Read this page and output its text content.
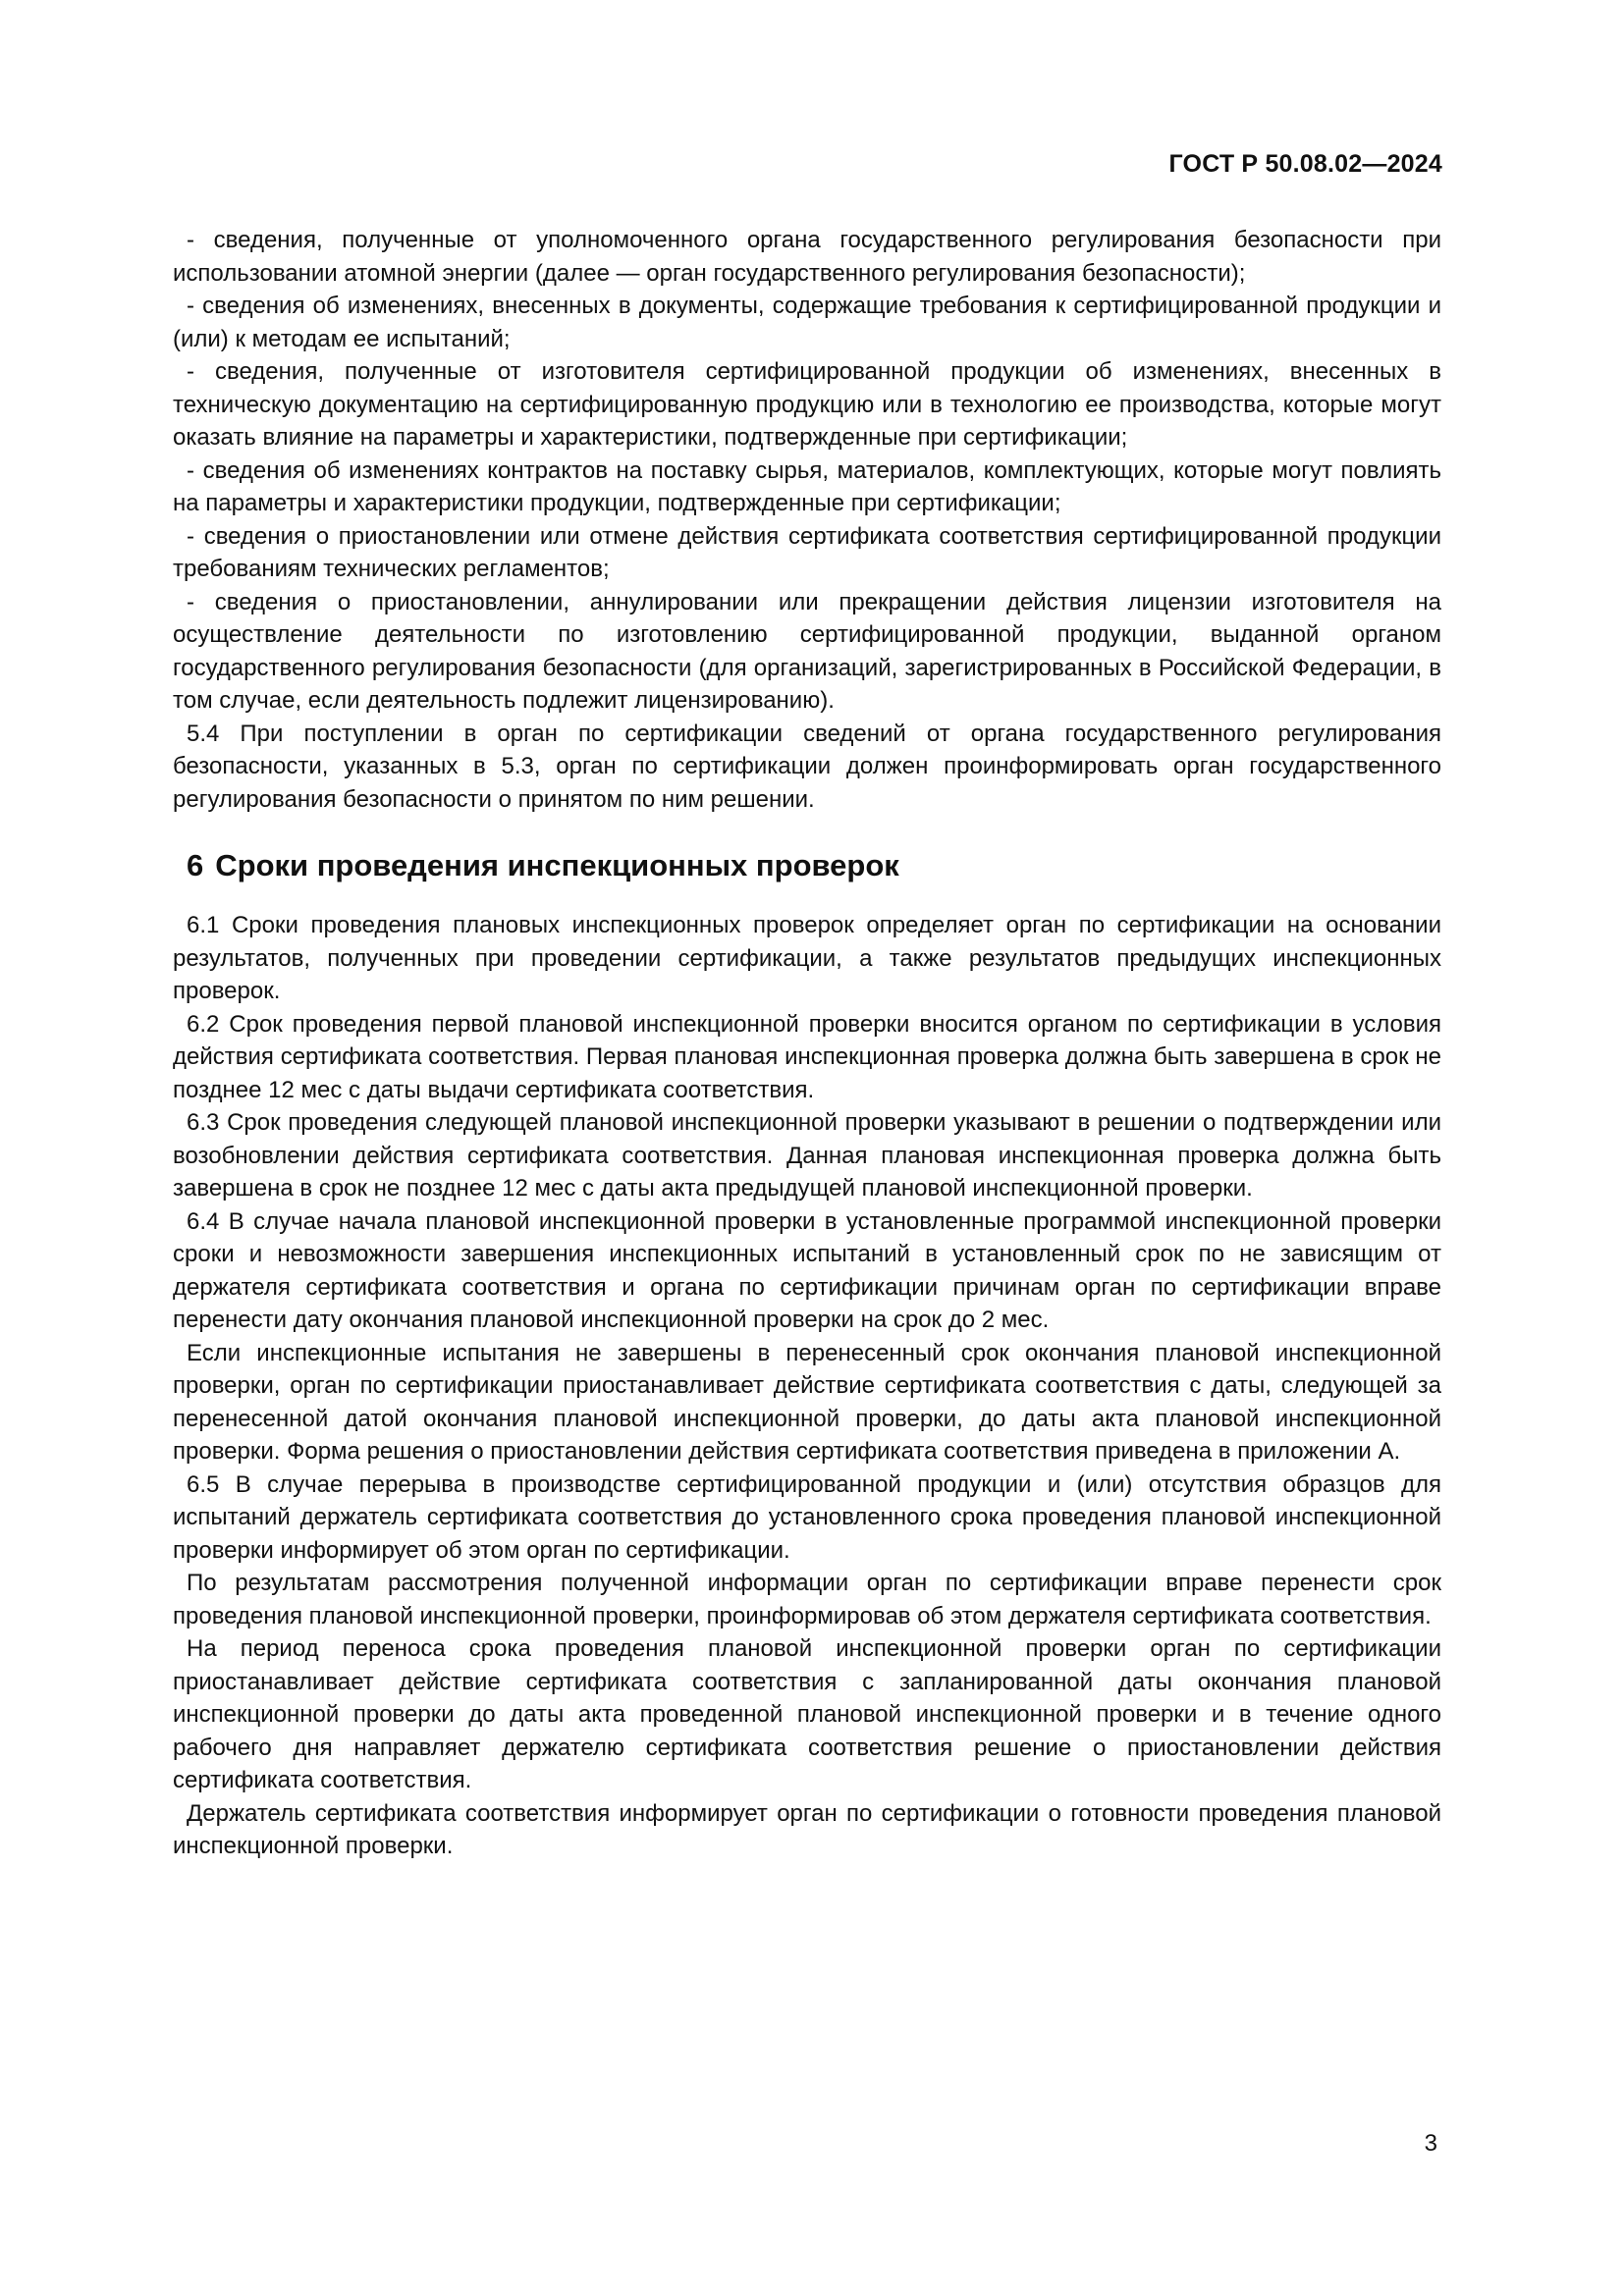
ГОСТ Р 50.08.02—2024

- сведения, полученные от уполномоченного органа государственного регулирования безопасности при использовании атомной энергии (далее — орган государственного регулирования безопасности);

- сведения об изменениях, внесенных в документы, содержащие требования к сертифицированной продукции и (или) к методам ее испытаний;

- сведения, полученные от изготовителя сертифицированной продукции об изменениях, внесенных в техническую документацию на сертифицированную продукцию или в технологию ее производства, которые могут оказать влияние на параметры и характеристики, подтвержденные при сертификации;

- сведения об изменениях контрактов на поставку сырья, материалов, комплектующих, которые могут повлиять на параметры и характеристики продукции, подтвержденные при сертификации;

- сведения о приостановлении или отмене действия сертификата соответствия сертифицированной продукции требованиям технических регламентов;

- сведения о приостановлении, аннулировании или прекращении действия лицензии изготовителя на осуществление деятельности по изготовлению сертифицированной продукции, выданной органом государственного регулирования безопасности (для организаций, зарегистрированных в Российской Федерации, в том случае, если деятельность подлежит лицензированию).

5.4 При поступлении в орган по сертификации сведений от органа государственного регулирования безопасности, указанных в 5.3, орган по сертификации должен проинформировать орган государственного регулирования безопасности о принятом по ним решении.

6 Сроки проведения инспекционных проверок

6.1 Сроки проведения плановых инспекционных проверок определяет орган по сертификации на основании результатов, полученных при проведении сертификации, а также результатов предыдущих инспекционных проверок.

6.2 Срок проведения первой плановой инспекционной проверки вносится органом по сертификации в условия действия сертификата соответствия. Первая плановая инспекционная проверка должна быть завершена в срок не позднее 12 мес с даты выдачи сертификата соответствия.

6.3 Срок проведения следующей плановой инспекционной проверки указывают в решении о подтверждении или возобновлении действия сертификата соответствия. Данная плановая инспекционная проверка должна быть завершена в срок не позднее 12 мес с даты акта предыдущей плановой инспекционной проверки.

6.4 В случае начала плановой инспекционной проверки в установленные программой инспекционной проверки сроки и невозможности завершения инспекционных испытаний в установленный срок по не зависящим от держателя сертификата соответствия и органа по сертификации причинам орган по сертификации вправе перенести дату окончания плановой инспекционной проверки на срок до 2 мес.

Если инспекционные испытания не завершены в перенесенный срок окончания плановой инспекционной проверки, орган по сертификации приостанавливает действие сертификата соответствия с даты, следующей за перенесенной датой окончания плановой инспекционной проверки, до даты акта плановой инспекционной проверки. Форма решения о приостановлении действия сертификата соответствия приведена в приложении А.

6.5 В случае перерыва в производстве сертифицированной продукции и (или) отсутствия образцов для испытаний держатель сертификата соответствия до установленного срока проведения плановой инспекционной проверки информирует об этом орган по сертификации.

По результатам рассмотрения полученной информации орган по сертификации вправе перенести срок проведения плановой инспекционной проверки, проинформировав об этом держателя сертификата соответствия.

На период переноса срока проведения плановой инспекционной проверки орган по сертификации приостанавливает действие сертификата соответствия с запланированной даты окончания плановой инспекционной проверки до даты акта проведенной плановой инспекционной проверки и в течение одного рабочего дня направляет держателю сертификата соответствия решение о приостановлении действия сертификата соответствия.

Держатель сертификата соответствия информирует орган по сертификации о готовности проведения плановой инспекционной проверки.

3
